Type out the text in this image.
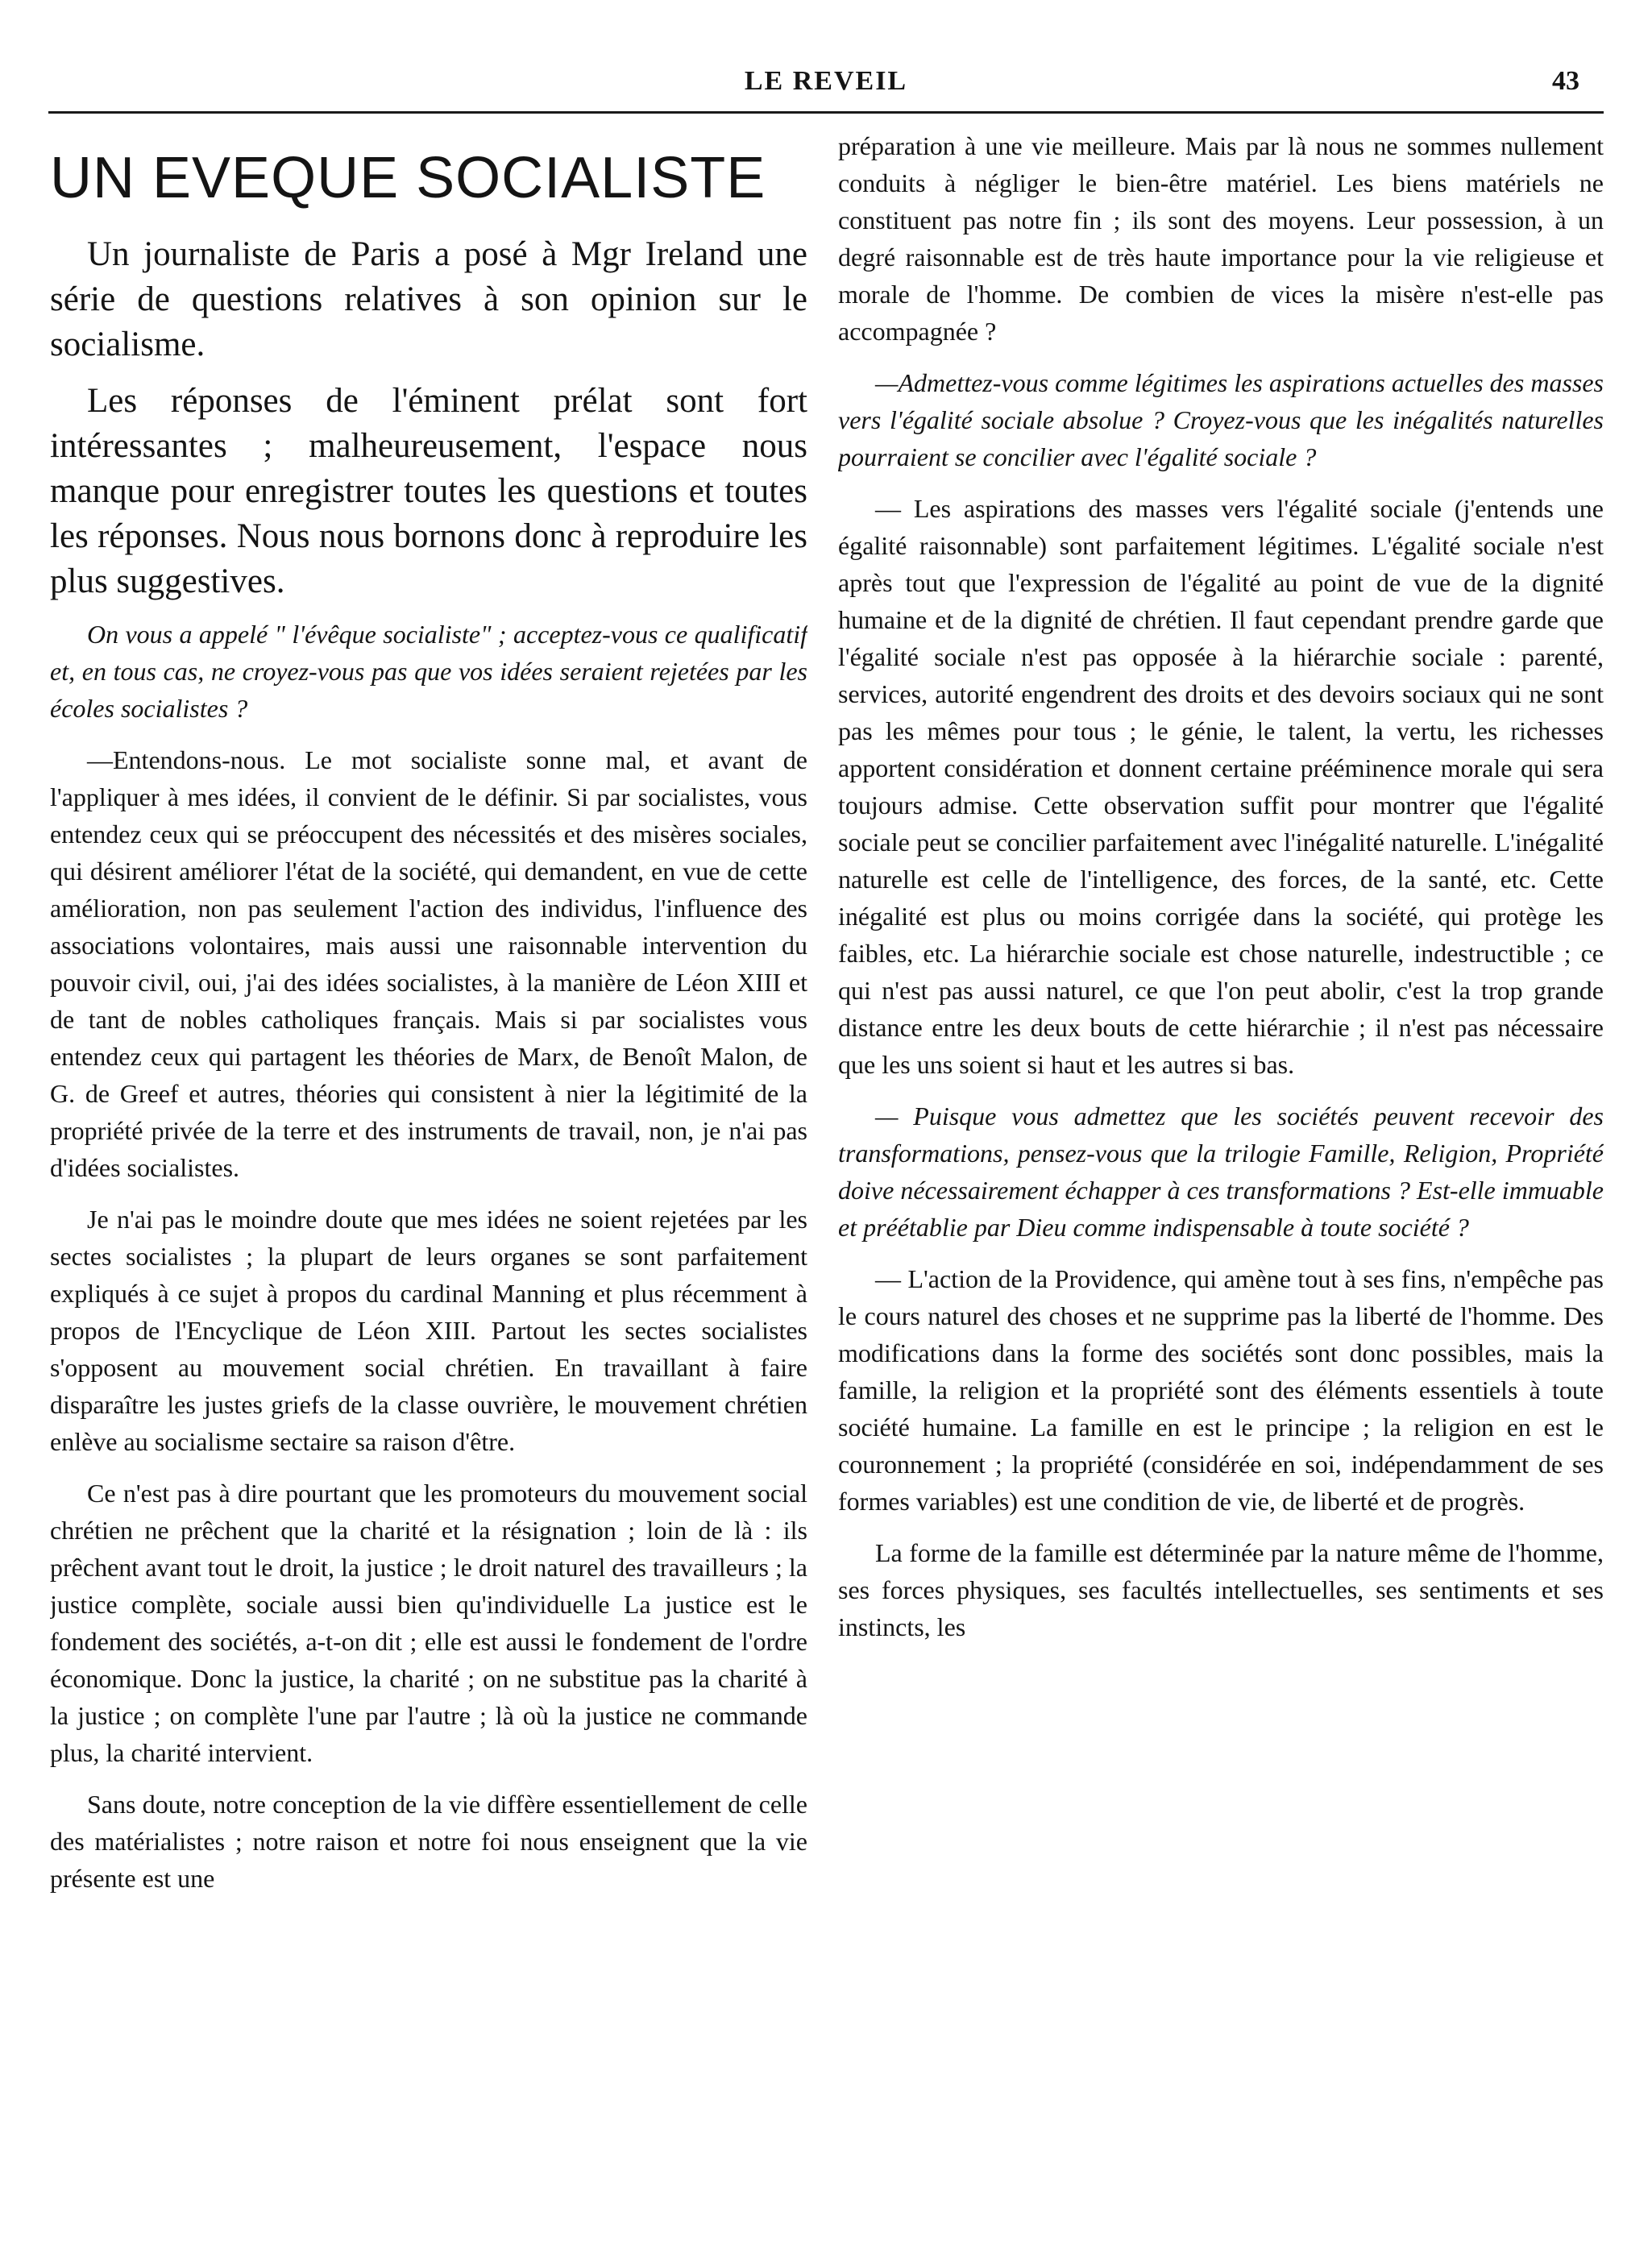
LE REVEIL	43
UN EVEQUE SOCIALISTE

Un journaliste de Paris a posé à Mgr Ireland une série de questions relatives à son opinion sur le socialisme.

Les réponses de l'éminent prélat sont fort intéressantes ; malheureusement, l'espace nous manque pour enregistrer toutes les questions et toutes les réponses. Nous nous bornons donc à reproduire les plus suggestives.

On vous a appelé " l'évêque socialiste" ; acceptez-vous ce qualificatif et, en tous cas, ne croyez-vous pas que vos idées seraient rejetées par les écoles socialistes ?

—Entendons-nous. Le mot socialiste sonne mal, et avant de l'appliquer à mes idées, il convient de le définir. Si par socialistes, vous entendez ceux qui se préoccupent des nécessités et des misères sociales, qui désirent améliorer l'état de la société, qui demandent, en vue de cette amélioration, non pas seulement l'action des individus, l'influence des associations volontaires, mais aussi une raisonnable intervention du pouvoir civil, oui, j'ai des idées socialistes, à la manière de Léon XIII et de tant de nobles catholiques français. Mais si par socialistes vous entendez ceux qui partagent les théories de Marx, de Benoît Malon, de G. de Greef et autres, théories qui consistent à nier la légitimité de la propriété privée de la terre et des instruments de travail, non, je n'ai pas d'idées socialistes.

Je n'ai pas le moindre doute que mes idées ne soient rejetées par les sectes socialistes ; la plupart de leurs organes se sont parfaitement expliqués à ce sujet à propos du cardinal Manning et plus récemment à propos de l'Encyclique de Léon XIII. Partout les sectes socialistes s'opposent au mouvement social chrétien. En travaillant à faire disparaître les justes griefs de la classe ouvrière, le mouvement chrétien enlève au socialisme sectaire sa raison d'être.

Ce n'est pas à dire pourtant que les promoteurs du mouvement social chrétien ne prêchent que la charité et la résignation ; loin de là : ils prêchent avant tout le droit, la justice ; le droit naturel des travailleurs ; la justice complète, sociale aussi bien qu'individuelle La justice est le fondement des sociétés, a-t-on dit ; elle est aussi le fondement de l'ordre économique. Donc la justice, la charité ; on ne substitue pas la charité à la justice ; on complète l'une par l'autre ; là où la justice ne commande plus, la charité intervient.

Sans doute, notre conception de la vie diffère essentiellement de celle des matérialistes ; notre raison et notre foi nous enseignent que la vie présente est une

préparation à une vie meilleure. Mais par là nous ne sommes nullement conduits à négliger le bien-être matériel. Les biens matériels ne constituent pas notre fin ; ils sont des moyens. Leur possession, à un degré raisonnable est de très haute importance pour la vie religieuse et morale de l'homme. De combien de vices la misère n'est-elle pas accompagnée ?

—Admettez-vous comme légitimes les aspirations actuelles des masses vers l'égalité sociale absolue ? Croyez-vous que les inégalités naturelles pourraient se concilier avec l'égalité sociale ?

— Les aspirations des masses vers l'égalité sociale (j'entends une égalité raisonnable) sont parfaitement légitimes. L'égalité sociale n'est après tout que l'expression de l'égalité au point de vue de la dignité humaine et de la dignité de chrétien. Il faut cependant prendre garde que l'égalité sociale n'est pas opposée à la hiérarchie sociale : parenté, services, autorité engendrent des droits et des devoirs sociaux qui ne sont pas les mêmes pour tous ; le génie, le talent, la vertu, les richesses apportent considération et donnent certaine prééminence morale qui sera toujours admise. Cette observation suffit pour montrer que l'égalité sociale peut se concilier parfaitement avec l'inégalité naturelle. L'inégalité naturelle est celle de l'intelligence, des forces, de la santé, etc. Cette inégalité est plus ou moins corrigée dans la société, qui protège les faibles, etc. La hiérarchie sociale est chose naturelle, indestructible ; ce qui n'est pas aussi naturel, ce que l'on peut abolir, c'est la trop grande distance entre les deux bouts de cette hiérarchie ; il n'est pas nécessaire que les uns soient si haut et les autres si bas.

— Puisque vous admettez que les sociétés peuvent recevoir des transformations, pensez-vous que la trilogie Famille, Religion, Propriété doive nécessairement échapper à ces transformations ? Est-elle immuable et préétablie par Dieu comme indispensable à toute société ?

— L'action de la Providence, qui amène tout à ses fins, n'empêche pas le cours naturel des choses et ne supprime pas la liberté de l'homme. Des modifications dans la forme des sociétés sont donc possibles, mais la famille, la religion et la propriété sont des éléments essentiels à toute société humaine. La famille en est le principe ; la religion en est le couronnement ; la propriété (considérée en soi, indépendamment de ses formes variables) est une condition de vie, de liberté et de progrès.

La forme de la famille est déterminée par la nature même de l'homme, ses forces physiques, ses facultés intellectuelles, ses sentiments et ses instincts, les
